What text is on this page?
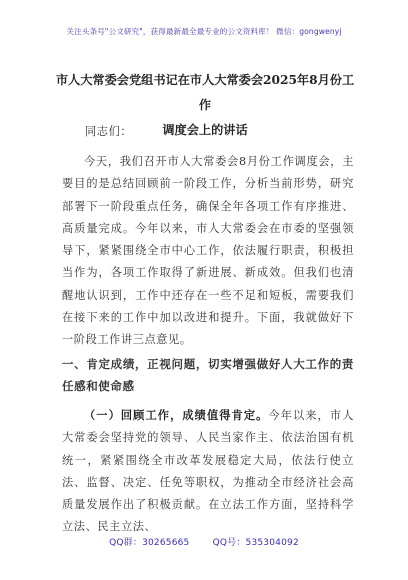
关注头条号"公文研究"，获得最新最全最专业的公文资料库！ 微信：gongwenyj
市人大常委会党组书记在市人大常委会2025年8月份工作
调度会上的讲话
同志们：
今天，我们召开市人大常委会8月份工作调度会，主要目的是总结回顾前一阶段工作，分析当前形势，研究部署下一阶段重点任务，确保全年各项工作有序推进、高质量完成。今年以来，市人大常委会在市委的坚强领导下，紧紧围绕全市中心工作，依法履行职责，积极担当作为，各项工作取得了新进展、新成效。但我们也清醒地认识到，工作中还存在一些不足和短板，需要我们在接下来的工作中加以改进和提升。下面，我就做好下一阶段工作讲三点意见。
一、肯定成绩，正视问题，切实增强做好人大工作的责任感和使命感
（一）回顾工作，成绩值得肯定。今年以来，市人大常委会坚持党的领导、人民当家作主、依法治国有机统一，紧紧围绕全市改革发展稳定大局，依法行使立法、监督、决定、任免等职权，为推动全市经济社会高质量发展作出了积极贡献。在立法工作方面，坚持科学立法、民主立法、
QQ群：30265665	QQ号：535304092
